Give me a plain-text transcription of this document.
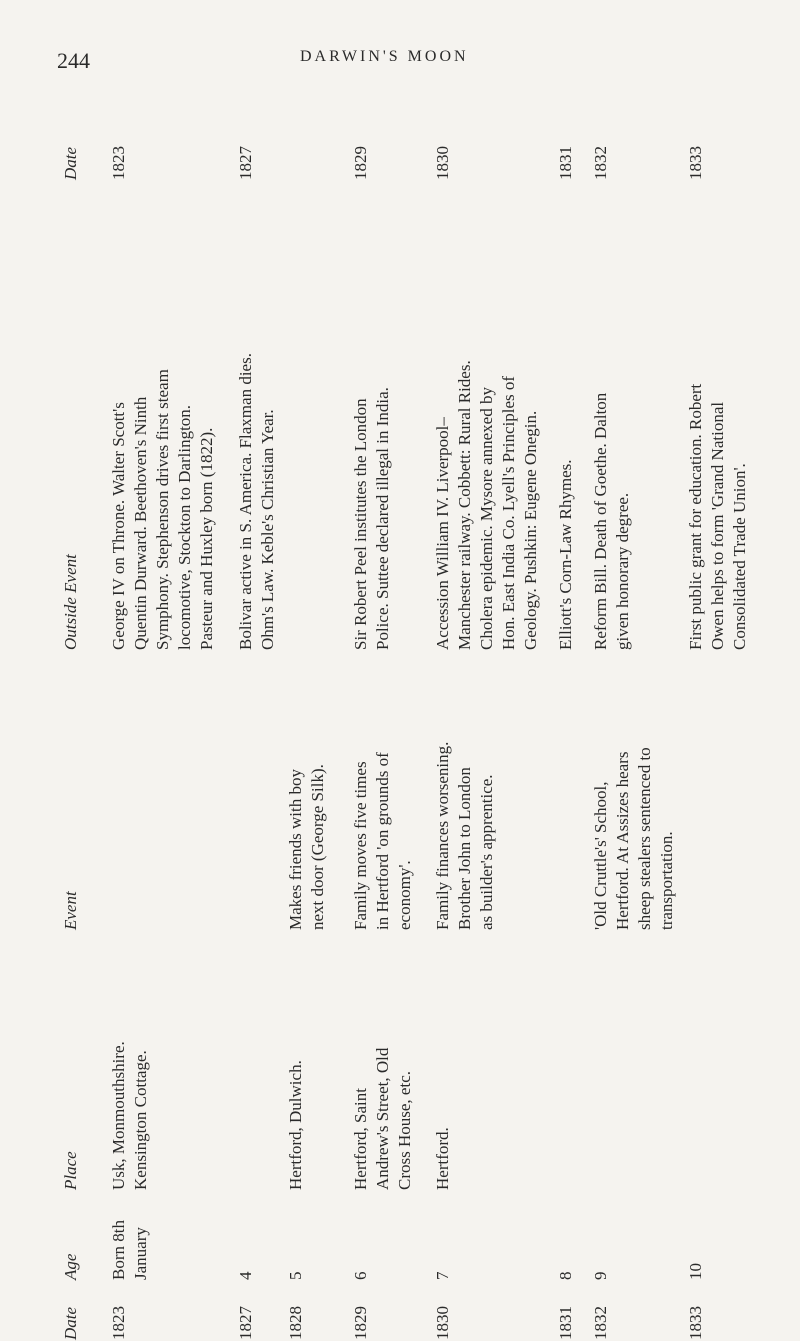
244	DARWIN'S MOON
Date
Age
Place
Event
Outside Event
Date
1823
Born 8th
January
Usk, Monmouthshire.
Kensington Cottage.
George IV on Throne. Walter Scott's
Quentin Durward. Beethoven's Ninth
Symphony. Stephenson drives first steam
locomotive, Stockton to Darlington.
Pasteur and Huxley born (1822).
1823
1827
4
Bolivar active in S. America. Flaxman dies.
Ohm's Law. Keble's Christian Year.
1827
1828
5
Hertford, Dulwich.
Makes friends with boy
next door (George Silk).
1829
6
Hertford, Saint
Andrew's Street, Old
Cross House, etc.
Family moves five times
in Hertford 'on grounds of
economy'.
Sir Robert Peel institutes the London
Police. Suttee declared illegal in India.
1829
1830
7
Hertford.
Family finances worsening.
Brother John to London
as builder's apprentice.
Accession William IV. Liverpool–
Manchester railway. Cobbett: Rural Rides.
Cholera epidemic. Mysore annexed by
Hon. East India Co. Lyell's Principles of
Geology. Pushkin: Eugene Onegin.
1830
1831
8
Elliott's Corn-Law Rhymes.
1831
1832
9
'Old Cruttle's' School,
Hertford. At Assizes hears
sheep stealers sentenced to
transportation.
Reform Bill. Death of Goethe. Dalton
given honorary degree.
1832
1833
10
First public grant for education. Robert
Owen helps to form 'Grand National
Consolidated Trade Union'.
1833
